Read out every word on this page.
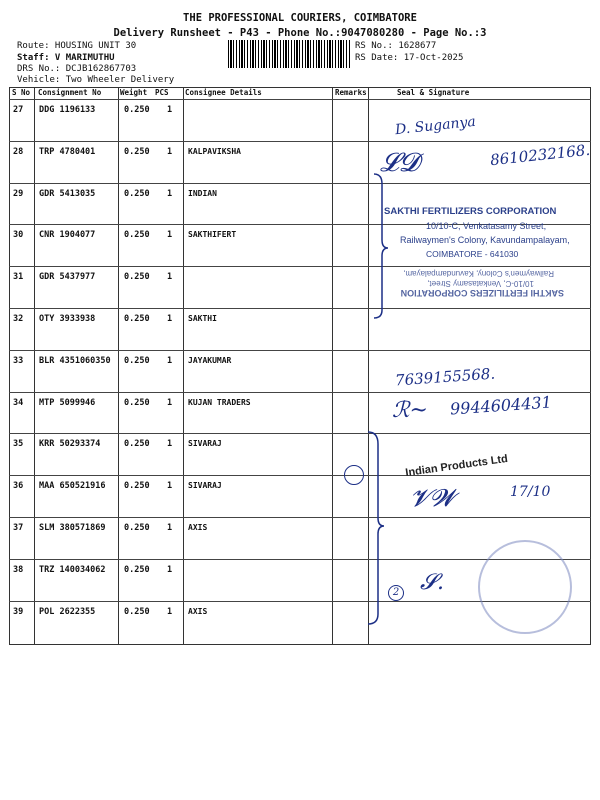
THE PROFESSIONAL COURIERS, COIMBATORE
Delivery Runsheet - P43 - Phone No.:9047080280 - Page No.:3
Route: HOUSING UNIT 30
Staff: V MARIMUTHU
DRS No.: DCJB162867703
Vehicle: Two Wheeler Delivery
RS No.: 1628677
RS Date: 17-Oct-2025
S No Consignment No	Weight PCS Consignee Details	Remarks	Seal & Signature
27 DDG 1196133	0.250 1
28 TRP 4780401	0.250 1 KALPAVIKSHA
29 GDR 5413035	0.250 1 INDIAN
30 CNR 1904077	0.250 1 SAKTHIFERT
31 GDR 5437977	0.250 1
32 OTY 3933938	0.250 1 SAKTHI
33 BLR 4351060350 0.250 1 JAYAKUMAR
34 MTP 5099946	0.250 1 KUJAN TRADERS
35 KRR 50293374	0.250 1 SIVARAJ
36 MAA 650521916 0.250 1 SIVARAJ
37 SLM 380571869 0.250 1 AXIS
38 TRZ 140034062 0.250 1
39 POL 2622355	0.250 1 AXIS
SAKTHI FERTILIZERS CORPORATION
10/10-C, Venkatasamy Street,
Railwaymen's Colony, Kavundampalayam,
COIMBATORE - 641030
SAKTHI FERTILIZERS CORPORATION
10/10-C, Venkatasamy Street,
Railwaymen's Colony, Kavundampalayam,
Indian Products Ltd
D. Suganya
𝓛𝓓	8610232168.
7639155568.
ℛ~ 9944604431
𝓥𝓦	17/10
𝓢.

2
